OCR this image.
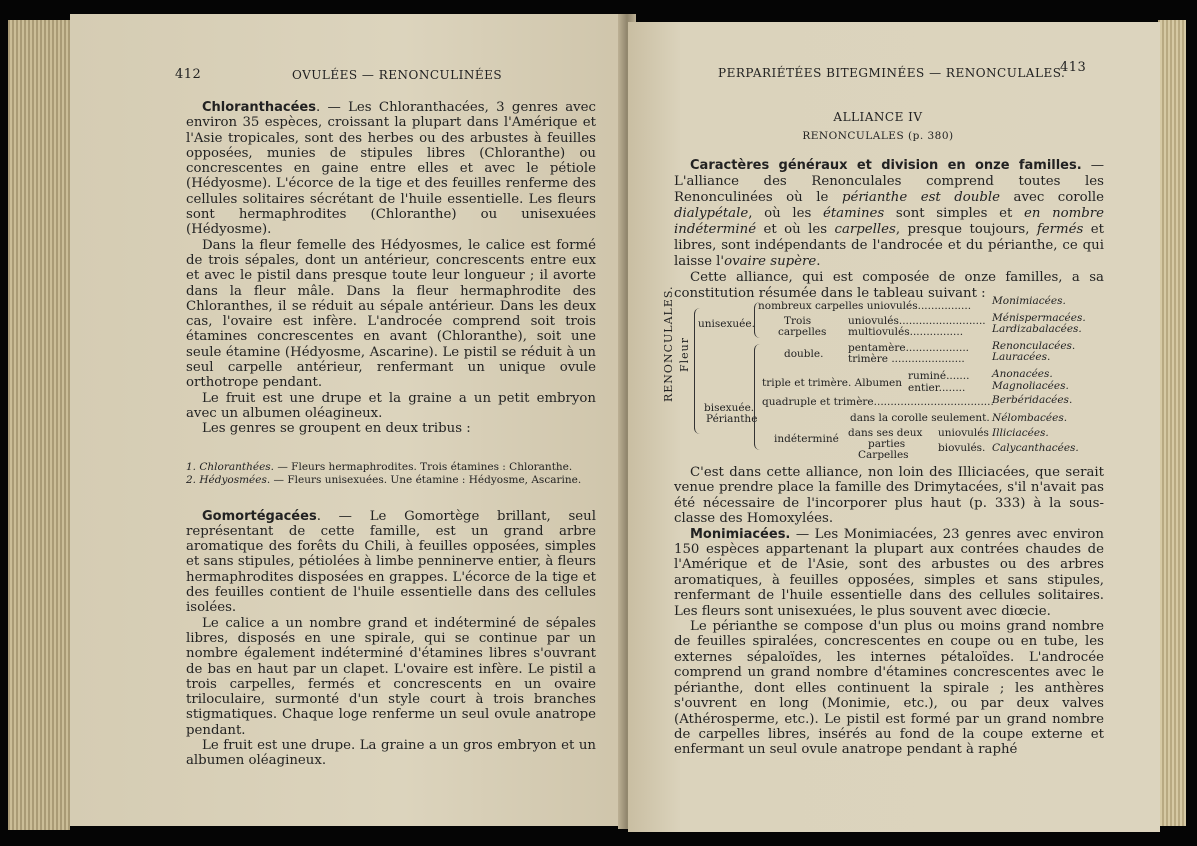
412	OVULÉES — RENONCULINÉES

Chloranthacées. — Les Chloranthacées, 3 genres avec environ 35 espèces, croissant la plupart dans l'Amérique et l'Asie tropicales, sont des herbes ou des arbustes à feuilles opposées, munies de stipules libres (Chloranthe) ou concrescentes en gaine entre elles et avec le pétiole (Hédyosme). L'écorce de la tige et des feuilles renferme des cellules solitaires sécrétant de l'huile essentielle. Les fleurs sont hermaphrodites (Chloranthe) ou unisexuées (Hédyosme).

Dans la fleur femelle des Hédyosmes, le calice est formé de trois sépales, dont un antérieur, concrescents entre eux et avec le pistil dans presque toute leur longueur ; il avorte dans la fleur mâle. Dans la fleur hermaphrodite des Chloranthes, il se réduit au sépale antérieur. Dans les deux cas, l'ovaire est infère. L'androcée comprend soit trois étamines concrescentes en avant (Chloranthe), soit une seule étamine (Hédyosme, Ascarine). Le pistil se réduit à un seul carpelle antérieur, renfermant un unique ovule orthotrope pendant.

Le fruit est une drupe et la graine a un petit embryon avec un albumen oléagineux.

Les genres se groupent en deux tribus :

1. Chloranthées. — Fleurs hermaphrodites. Trois étamines : Chloranthe.
2. Hédyosmées. — Fleurs unisexuées. Une étamine : Hédyosme, Ascarine.

Gomortégacées. — Le Gomortège brillant, seul représentant de cette famille, est un grand arbre aromatique des forêts du Chili, à feuilles opposées, simples et sans stipules, pétiolées à limbe penninerve entier, à fleurs hermaphrodites disposées en grappes. L'écorce de la tige et des feuilles contient de l'huile essentielle dans des cellules isolées.

Le calice a un nombre grand et indéterminé de sépales libres, disposés en une spirale, qui se continue par un nombre également indéterminé d'étamines libres s'ouvrant de bas en haut par un clapet. L'ovaire est infère. Le pistil a trois carpelles, fermés et concrescents en un ovaire triloculaire, surmonté d'un style court à trois branches stigmatiques. Chaque loge renferme un seul ovule anatrope pendant.

Le fruit est une drupe. La graine a un gros embryon et un albumen oléagineux.

PERPARIÉTÉES BITEGMINÉES — RENONCULALES.
413
ALLIANCE IV
RENONCULALES (p. 380)

Caractères généraux et division en onze familles. — L'alliance des Renonculales comprend toutes les Renonculinées où le périanthe est double avec corolle dialypétale, où les étamines sont simples et en nombre indéterminé et où les carpelles, presque toujours, fermés et libres, sont indépendants de l'androcée et du périanthe, ce qui laisse l'ovaire supère.

Cette alliance, qui est composée de onze familles, a sa constitution résumée dans le tableau suivant :

RENONCULALES. Fleur
unisexuée.
bisexuée.
Périanthe
nombreux carpelles uniovulés................
Trois
carpelles
uniovulés..........................
multiovulés................
double. pentamère...................
trimère ......................
triple et trimère. Albumen
ruminé.......
entier........
quadruple et trimère....................................
indéterminé
dans la corolle seulement.
dans ses deux
parties
Carpelles
uniovulés
biovulés.
Monimiacées.
Ménispermacées.
Lardizabalacées.
Renonculacées.
Lauracées.
Anonacées.
Magnoliacées.
Berbéridacées.
Nélombacées.
Illiciacées.
Calycanthacées.

C'est dans cette alliance, non loin des Illiciacées, que serait venue prendre place la famille des Drimytacées, s'il n'avait pas été nécessaire de l'incorporer plus haut (p. 333) à la sous-classe des Homoxylées.

Monimiacées. — Les Monimiacées, 23 genres avec environ 150 espèces appartenant la plupart aux contrées chaudes de l'Amérique et de l'Asie, sont des arbustes ou des arbres aromatiques, à feuilles opposées, simples et sans stipules, renfermant de l'huile essentielle dans des cellules solitaires. Les fleurs sont unisexuées, le plus souvent avec diœcie.

Le périanthe se compose d'un plus ou moins grand nombre de feuilles spiralées, concrescentes en coupe ou en tube, les externes sépaloïdes, les internes pétaloïdes. L'androcée comprend un grand nombre d'étamines concrescentes avec le périanthe, dont elles continuent la spirale ; les anthères s'ouvrent en long (Monimie, etc.), ou par deux valves (Athérosperme, etc.). Le pistil est formé par un grand nombre de carpelles libres, insérés au fond de la coupe externe et enfermant un seul ovule anatrope pendant à raphé
